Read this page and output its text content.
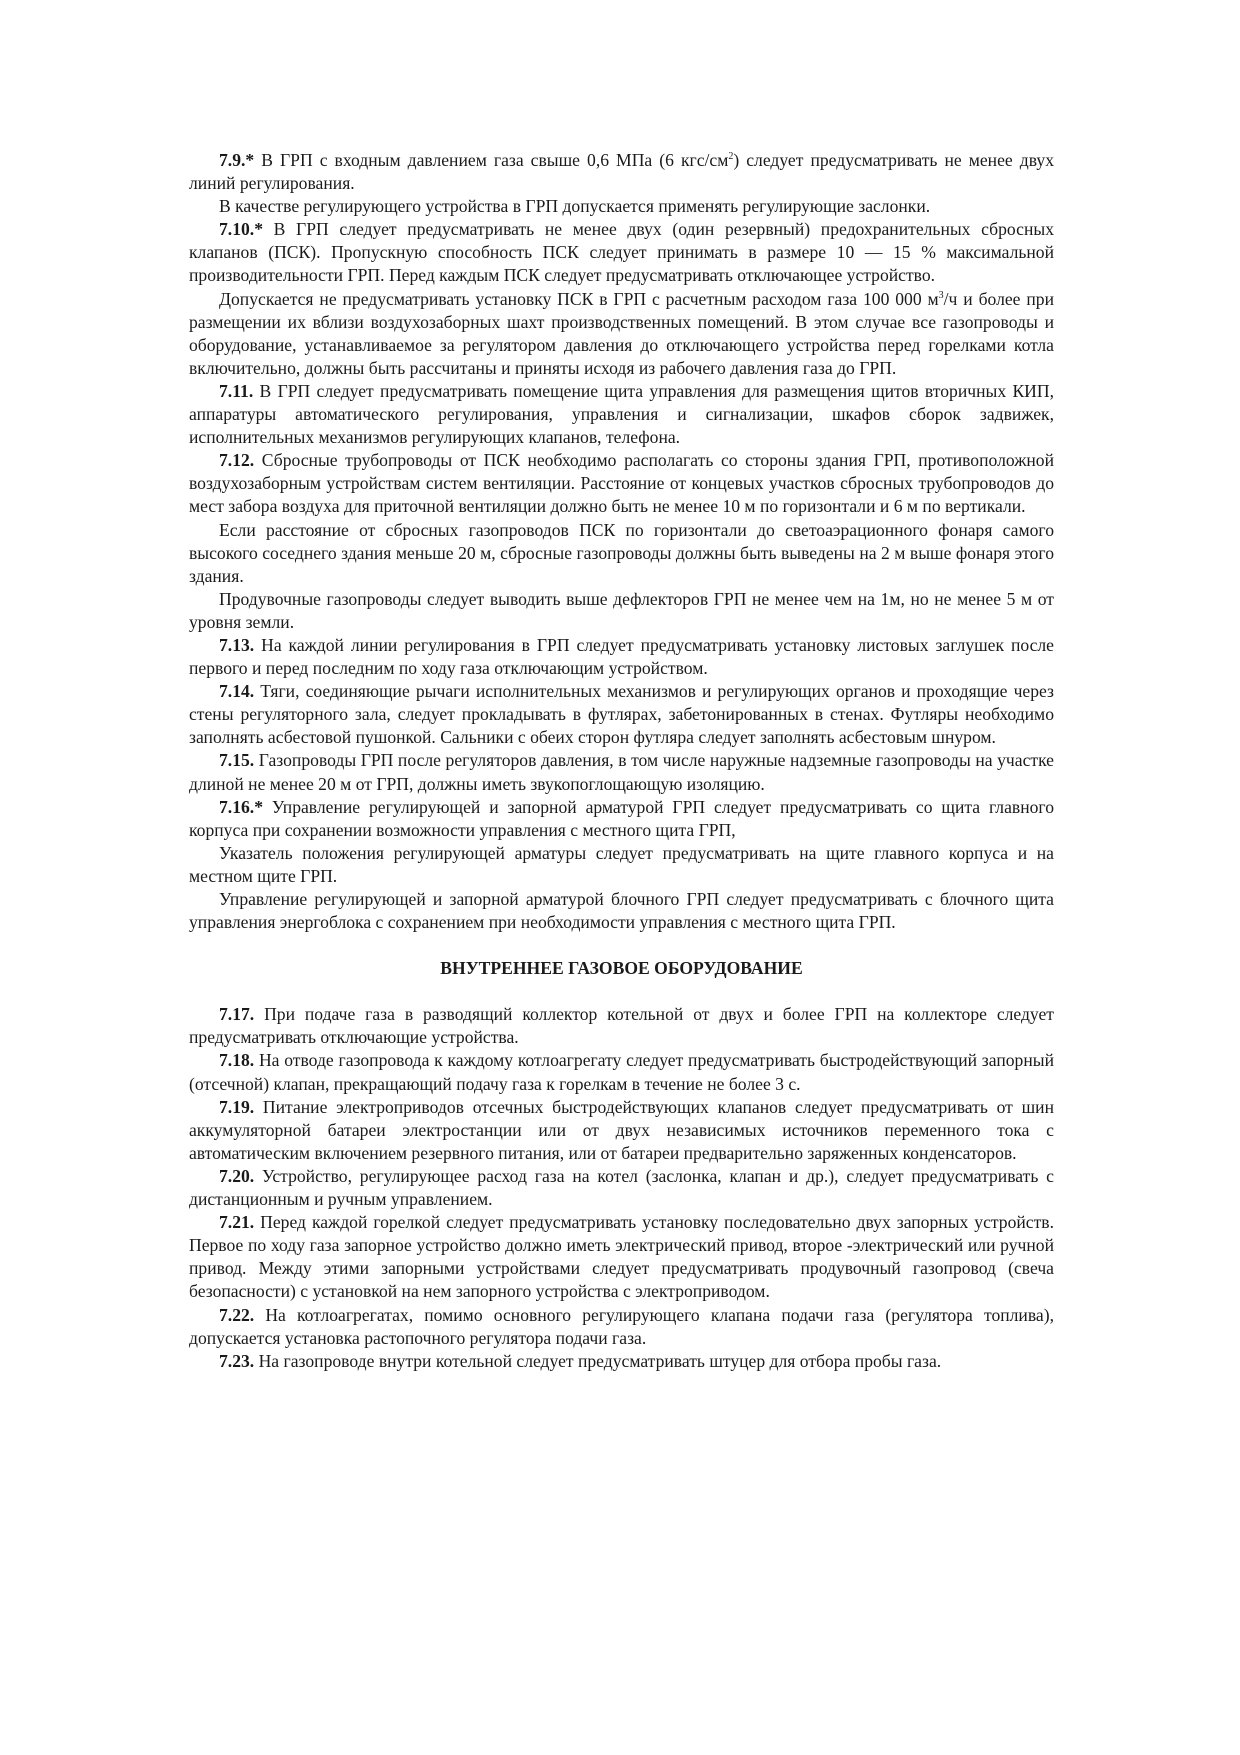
7.9.* В ГРП с входным давлением газа свыше 0,6 МПа (6 кгс/$см^2$) следует предусматривать не менее двух линий регулирования.

В качестве регулирующего устройства в ГРП допускается применять регулирующие заслонки.

7.10.* В ГРП следует предусматривать не менее двух (один резервный) предохранительных сбросных клапанов (ПСК). Пропускную способность ПСК следует принимать в размере 10 — 15 % максимальной производительности ГРП. Перед каждым ПСК следует предусматривать отключающее устройство.

Допускается не предусматривать установку ПСК в ГРП с расчетным расходом газа 100 000 $м^3/ч$ и более при размещении их вблизи воздухозаборных шахт производственных помещений. В этом случае все газопроводы и оборудование, устанавливаемое за регулятором давления до отключающего устройства перед горелками котла включительно, должны быть рассчитаны и приняты исходя из рабочего давления газа до ГРП.

7.11. В ГРП следует предусматривать помещение щита управления для размещения щитов вторичных КИП, аппаратуры автоматического регулирования, управления и сигнализации, шкафов сборок задвижек, исполнительных механизмов регулирующих клапанов, телефона.

7.12. Сбросные трубопроводы от ПСК необходимо располагать со стороны здания ГРП, противоположной воздухозаборным устройствам систем вентиляции. Расстояние от концевых участков сбросных трубопроводов до мест забора воздуха для приточной вентиляции должно быть не менее 10 м по горизонтали и 6 м по вертикали.

Если расстояние от сбросных газопроводов ПСК по горизонтали до светоаэрационного фонаря самого высокого соседнего здания меньше 20 м, сбросные газопроводы должны быть выведены на 2 м выше фонаря этого здания.

Продувочные газопроводы следует выводить выше дефлекторов ГРП не менее чем на 1м, но не менее 5 м от уровня земли.

7.13. На каждой линии регулирования в ГРП следует предусматривать установку листовых заглушек после первого и перед последним по ходу газа отключающим устройством.

7.14. Тяги, соединяющие рычаги исполнительных механизмов и регулирующих органов и проходящие через стены регуляторного зала, следует прокладывать в футлярах, забетонированных в стенах. Футляры необходимо заполнять асбестовой пушонкой. Сальники с обеих сторон футляра следует заполнять асбестовым шнуром.

7.15. Газопроводы ГРП после регуляторов давления, в том числе наружные надземные газопроводы на участке длиной не менее 20 м от ГРП, должны иметь звукопоглощающую изоляцию.

7.16.* Управление регулирующей и запорной арматурой ГРП следует предусматривать со щита главного корпуса при сохранении возможности управления с местного щита ГРП,

Указатель положения регулирующей арматуры следует предусматривать на щите главного корпуса и на местном щите ГРП.

Управление регулирующей и запорной арматурой блочного ГРП следует предусматривать с блочного щита управления энергоблока с сохранением при необходимости управления с местного щита ГРП.

ВНУТРЕННЕЕ ГАЗОВОЕ ОБОРУДОВАНИЕ

7.17. При подаче газа в разводящий коллектор котельной от двух и более ГРП на коллекторе следует предусматривать отключающие устройства.

7.18. На отводе газопровода к каждому котлоагрегату следует предусматривать быстродействующий запорный (отсечной) клапан, прекращающий подачу газа к горелкам в течение не более 3 с.

7.19. Питание электроприводов отсечных быстродействующих клапанов следует предусматривать от шин аккумуляторной батареи электростанции или от двух независимых источников переменного тока с автоматическим включением резервного питания, или от батареи предварительно заряженных конденсаторов.

7.20. Устройство, регулирующее расход газа на котел (заслонка, клапан и др.), следует предусматривать с дистанционным и ручным управлением.

7.21. Перед каждой горелкой следует предусматривать установку последовательно двух запорных устройств. Первое по ходу газа запорное устройство должно иметь электрический привод, второе -электрический или ручной привод. Между этими запорными устройствами следует предусматривать продувочный газопровод (свеча безопасности) с установкой на нем запорного устройства с электроприводом.

7.22. На котлоагрегатах, помимо основного регулирующего клапана подачи газа (регулятора топлива), допускается установка растопочного регулятора подачи газа.

7.23. На газопроводе внутри котельной следует предусматривать штуцер для отбора пробы газа.
